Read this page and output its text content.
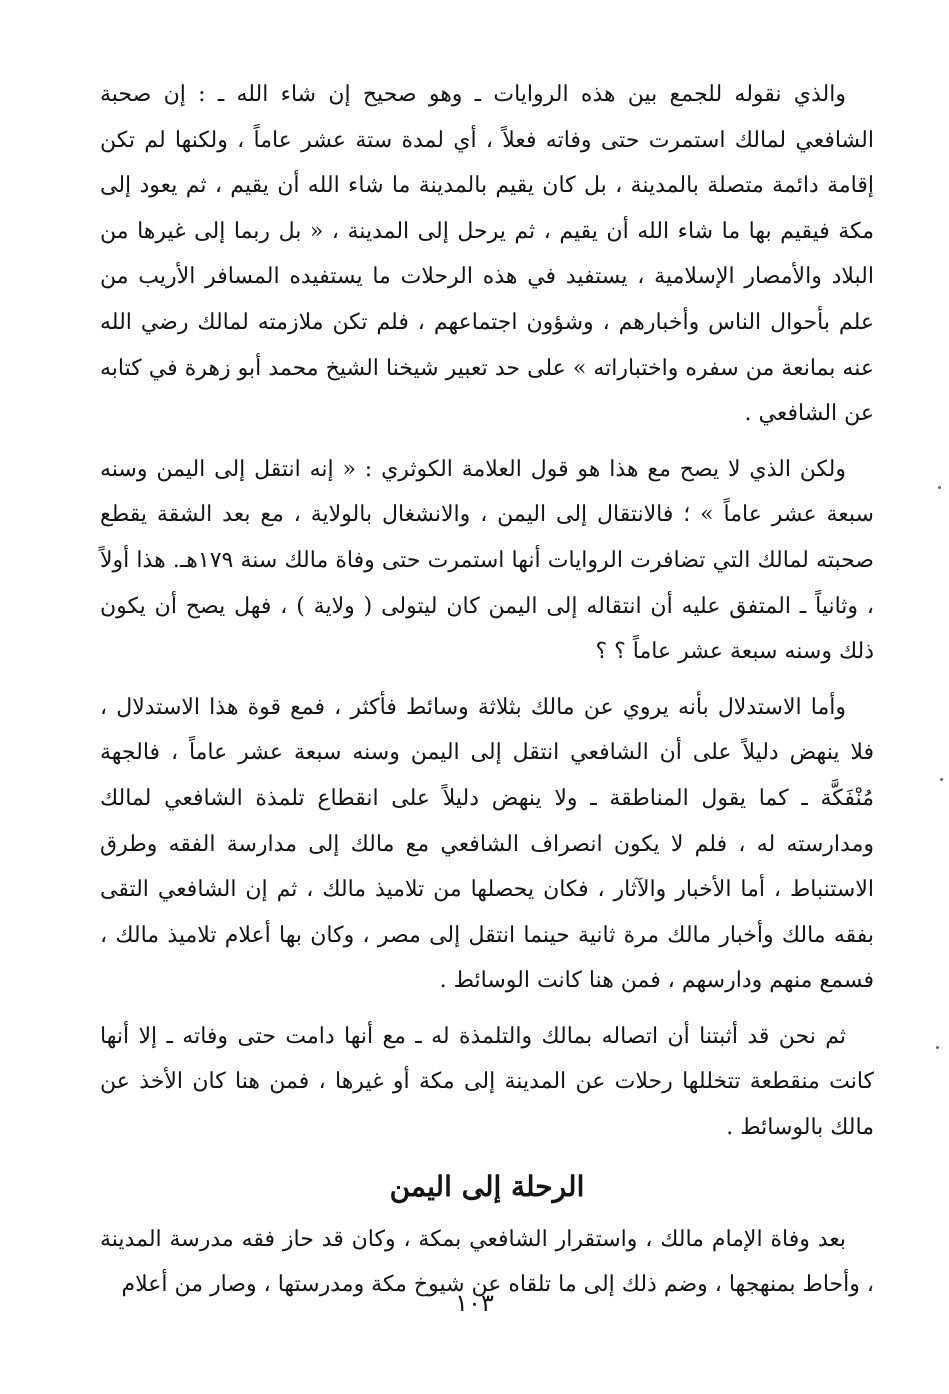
والذي نقوله للجمع بين هذه الروايات ـ وهو صحيح إن شاء الله ـ : إن صحبة الشافعي لمالك استمرت حتى وفاته فعلاً ، أي لمدة ستة عشر عاماً ، ولكنها لم تكن إقامة دائمة متصلة بالمدينة ، بل كان يقيم بالمدينة ما شاء الله أن يقيم ، ثم يعود إلى مكة فيقيم بها ما شاء الله أن يقيم ، ثم يرحل إلى المدينة ، « بل ربما إلى غيرها من البلاد والأمصار الإسلامية ، يستفيد في هذه الرحلات ما يستفيده المسافر الأريب من علم بأحوال الناس وأخبارهم ، وشؤون اجتماعهم ، فلم تكن ملازمته لمالك رضي الله عنه بمانعة من سفره واختباراته » على حد تعبير شيخنا الشيخ محمد أبو زهرة في كتابه عن الشافعي .

ولكن الذي لا يصح مع هذا هو قول العلامة الكوثري : « إنه انتقل إلى اليمن وسنه سبعة عشر عاماً » ؛ فالانتقال إلى اليمن ، والانشغال بالولاية ، مع بعد الشقة يقطع صحبته لمالك التي تضافرت الروايات أنها استمرت حتى وفاة مالك سنة ١٧٩هـ. هذا أولاً ، وثانياً ـ المتفق عليه أن انتقاله إلى اليمن كان ليتولى ( ولاية ) ، فهل يصح أن يكون ذلك وسنه سبعة عشر عاماً ؟ ؟

وأما الاستدلال بأنه يروي عن مالك بثلاثة وسائط فأكثر ، فمع قوة هذا الاستدلال ، فلا ينهض دليلاً على أن الشافعي انتقل إلى اليمن وسنه سبعة عشر عاماً ، فالجهة مُنْفَكَّة ـ كما يقول المناطقة ـ ولا ينهض دليلاً على انقطاع تلمذة الشافعي لمالك ومدارسته له ، فلم لا يكون انصراف الشافعي مع مالك إلى مدارسة الفقه وطرق الاستنباط ، أما الأخبار والآثار ، فكان يحصلها من تلاميذ مالك ، ثم إن الشافعي التقى بفقه مالك وأخبار مالك مرة ثانية حينما انتقل إلى مصر ، وكان بها أعلام تلاميذ مالك ، فسمع منهم ودارسهم ، فمن هنا كانت الوسائط .

ثم نحن قد أثبتنا أن اتصاله بمالك والتلمذة له ـ مع أنها دامت حتى وفاته ـ إلا أنها كانت منقطعة تتخللها رحلات عن المدينة إلى مكة أو غيرها ، فمن هنا كان الأخذ عن مالك بالوسائط .

الرحلة إلى اليمن

بعد وفاة الإمام مالك ، واستقرار الشافعي بمكة ، وكان قد حاز فقه مدرسة المدينة ، وأحاط بمنهجها ، وضم ذلك إلى ما تلقاه عن شيوخ مكة ومدرستها ، وصار من أعلام

١٠٣
